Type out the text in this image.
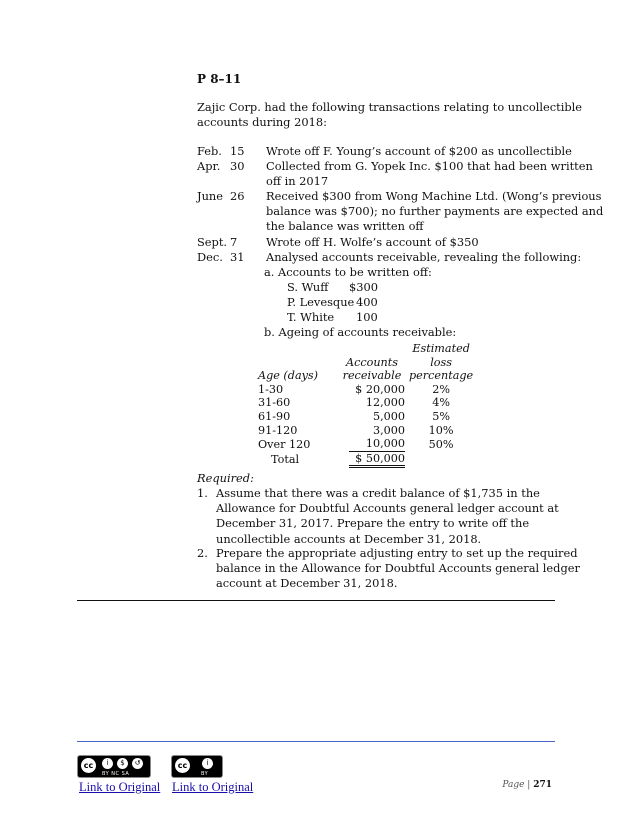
P 8–11
Zajic Corp. had the following transactions relating to uncollectible
accounts during 2018:
Feb. 15 Wrote off F. Young’s account of $200 as uncollectible
Apr. 30 Collected from G. Yopek Inc. $100 that had been written
off in 2017
June 26 Received $300 from Wong Machine Ltd. (Wong’s previous
balance was $700); no further payments are expected and
the balance was written off
Sept. 7	Wrote off H. Wolfe’s account of $350
Dec. 31 Analysed accounts receivable, revealing the following:
a. Accounts to be written off:
S. Wuff	$300
P. Levesque 400
T. White 100
b. Ageing of accounts receivable:
		Estimated
	Accounts	loss
Age (days)	receivable	percentage
1-30	$ 20,000	2%
31-60	12,000	4%
61-90	5,000	5%
91-120	3,000	10%
Over 120	10,000	50%
Total	$ 50,000	
Required:
1. Assume that there was a credit balance of $1,735 in the
Allowance for Doubtful Accounts general ledger account at
December 31, 2017. Prepare the entry to write off the
uncollectible accounts at December 31, 2018.
2. Prepare the appropriate adjusting entry to set up the required
balance in the Allowance for Doubtful Accounts general ledger
account at December 31, 2018.
cc	i	$	↺
BY NC SA
cc	i
BY
Link to Original Link to Original	Page | 271
